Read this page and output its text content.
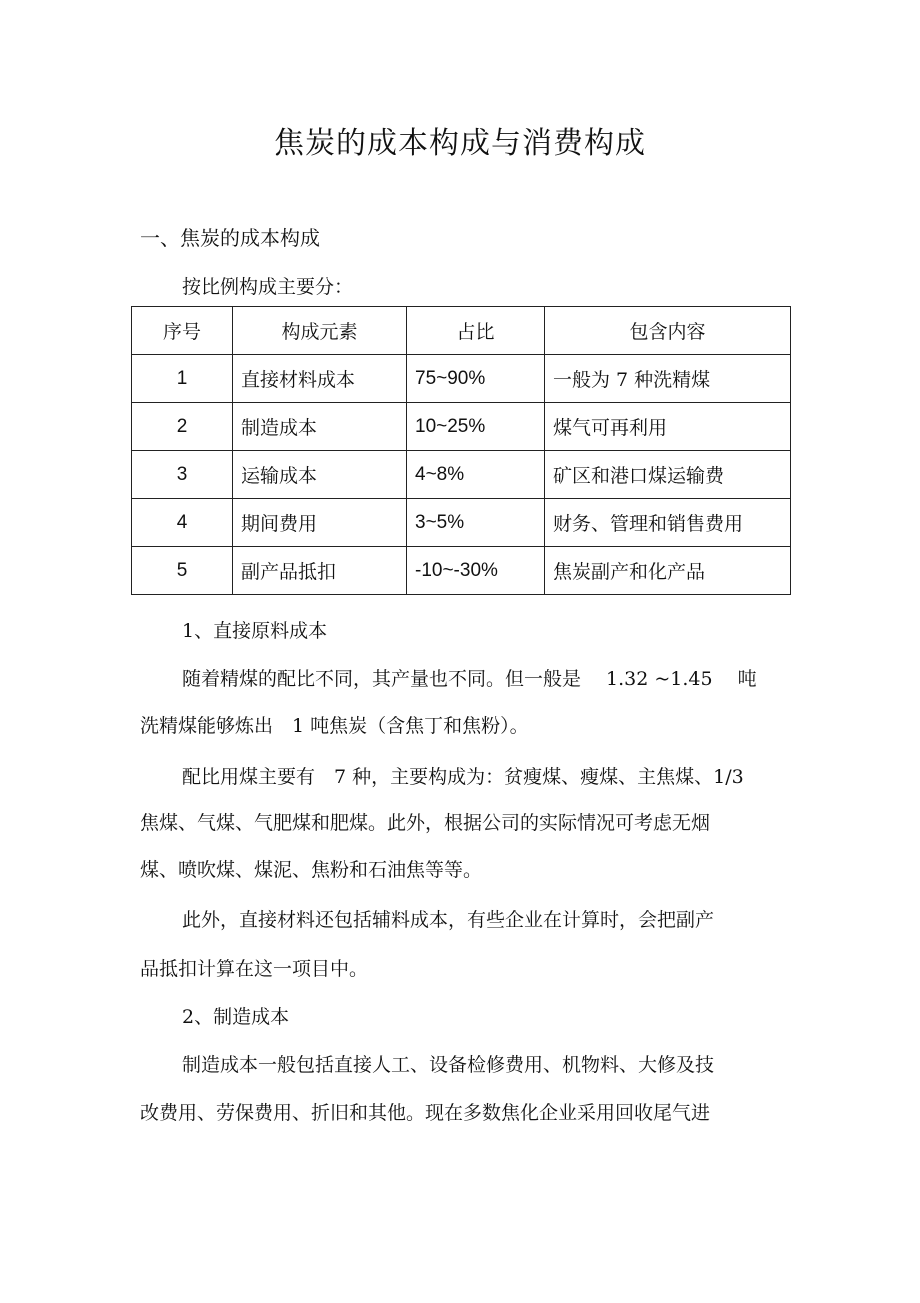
焦炭的成本构成与消费构成
一、焦炭的成本构成
按比例构成主要分：
序号	构成元素	占比	包含内容
1	直接材料成本	75~90%	一般为 7 种洗精煤
2	制造成本	10~25%	煤气可再利用
3	运输成本	4~8%	矿区和港口煤运输费
4	期间费用	3~5%	财务、管理和销售费用
5	副产品抵扣	-10~-30%	焦炭副产和化产品
1、直接原料成本
随着精煤的配比不同，其产量也不同。但一般是　 1.32 ~1.45 　吨
洗精煤能够炼出　1 吨焦炭（含焦丁和焦粉）。
配比用煤主要有　7 种，主要构成为：贫瘦煤、瘦煤、主焦煤、1/3
焦煤、气煤、气肥煤和肥煤。此外，根据公司的实际情况可考虑无烟
煤、喷吹煤、煤泥、焦粉和石油焦等等。
此外，直接材料还包括辅料成本，有些企业在计算时，会把副产
品抵扣计算在这一项目中。
2、制造成本
制造成本一般包括直接人工、设备检修费用、机物料、大修及技
改费用、劳保费用、折旧和其他。现在多数焦化企业采用回收尾气进
